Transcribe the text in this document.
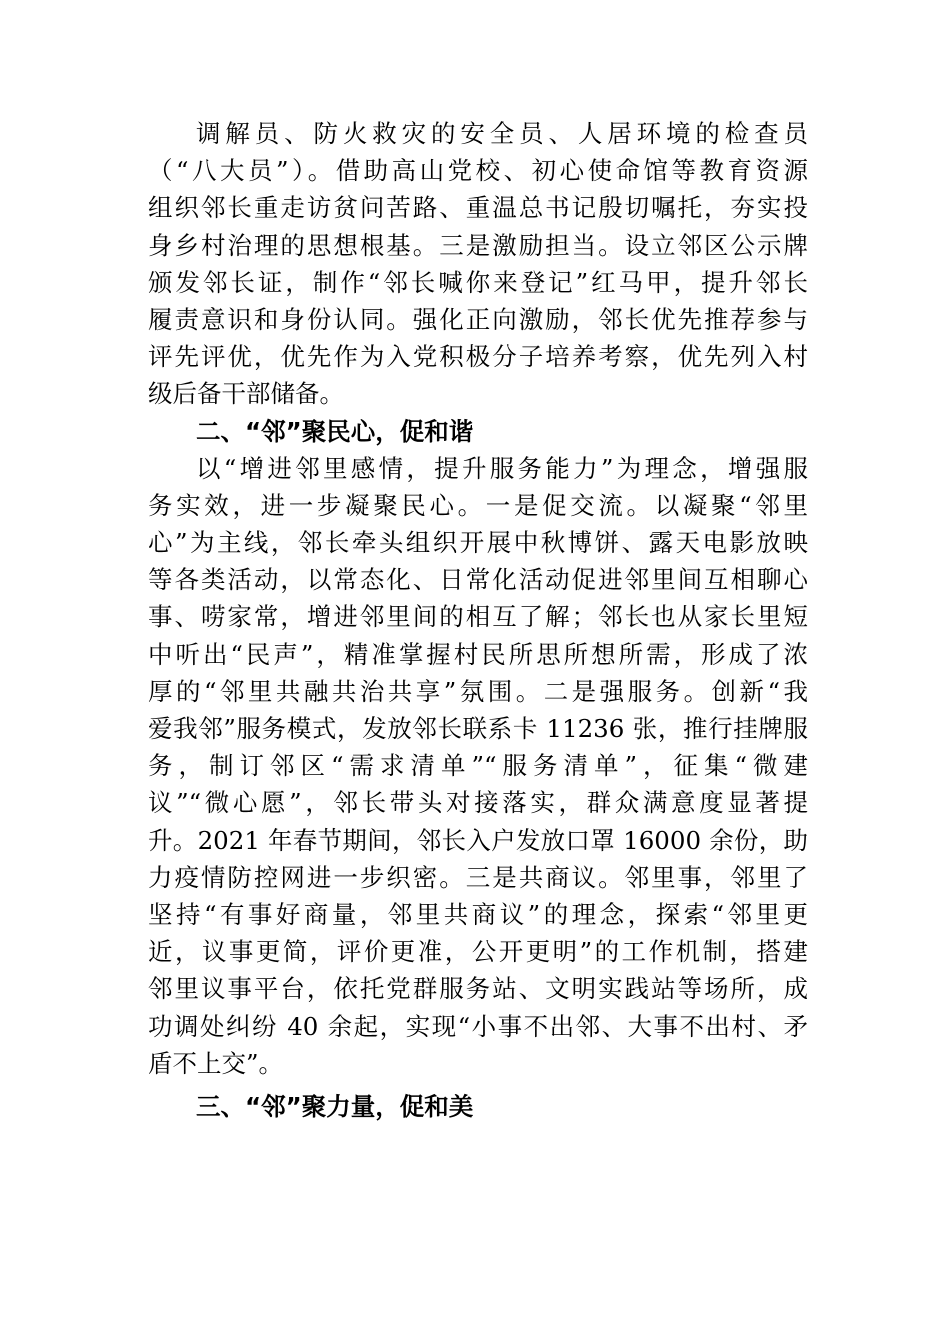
调解员、防火救灾的安全员、人居环境的检查员
（“八大员”）。借助高山党校、初心使命馆等教育资源
组织邻长重走访贫问苦路、重温总书记殷切嘱托，夯实投
身乡村治理的思想根基。三是激励担当。设立邻区公示牌
颁发邻长证，制作“邻长喊你来登记”红马甲，提升邻长
履责意识和身份认同。强化正向激励，邻长优先推荐参与
评先评优，优先作为入党积极分子培养考察，优先列入村
级后备干部储备。
二、“邻”聚民心，促和谐
以“增进邻里感情，提升服务能力”为理念，增强服
务实效，进一步凝聚民心。一是促交流。以凝聚“邻里
心”为主线，邻长牵头组织开展中秋博饼、露天电影放映
等各类活动，以常态化、日常化活动促进邻里间互相聊心
事、唠家常，增进邻里间的相互了解；邻长也从家长里短
中听出“民声”，精准掌握村民所思所想所需，形成了浓
厚的“邻里共融共治共享”氛围。二是强服务。创新“我
爱我邻”服务模式，发放邻长联系卡 11236 张，推行挂牌服
务，制订邻区“需求清单”“服务清单”，征集“微建
议”“微心愿”，邻长带头对接落实，群众满意度显著提
升。2021 年春节期间，邻长入户发放口罩 16000 余份，助
力疫情防控网进一步织密。三是共商议。邻里事，邻里了
坚持“有事好商量，邻里共商议”的理念，探索“邻里更
近，议事更简，评价更准，公开更明”的工作机制，搭建
邻里议事平台，依托党群服务站、文明实践站等场所，成
功调处纠纷 40 余起，实现“小事不出邻、大事不出村、矛
盾不上交”。
三、“邻”聚力量，促和美
